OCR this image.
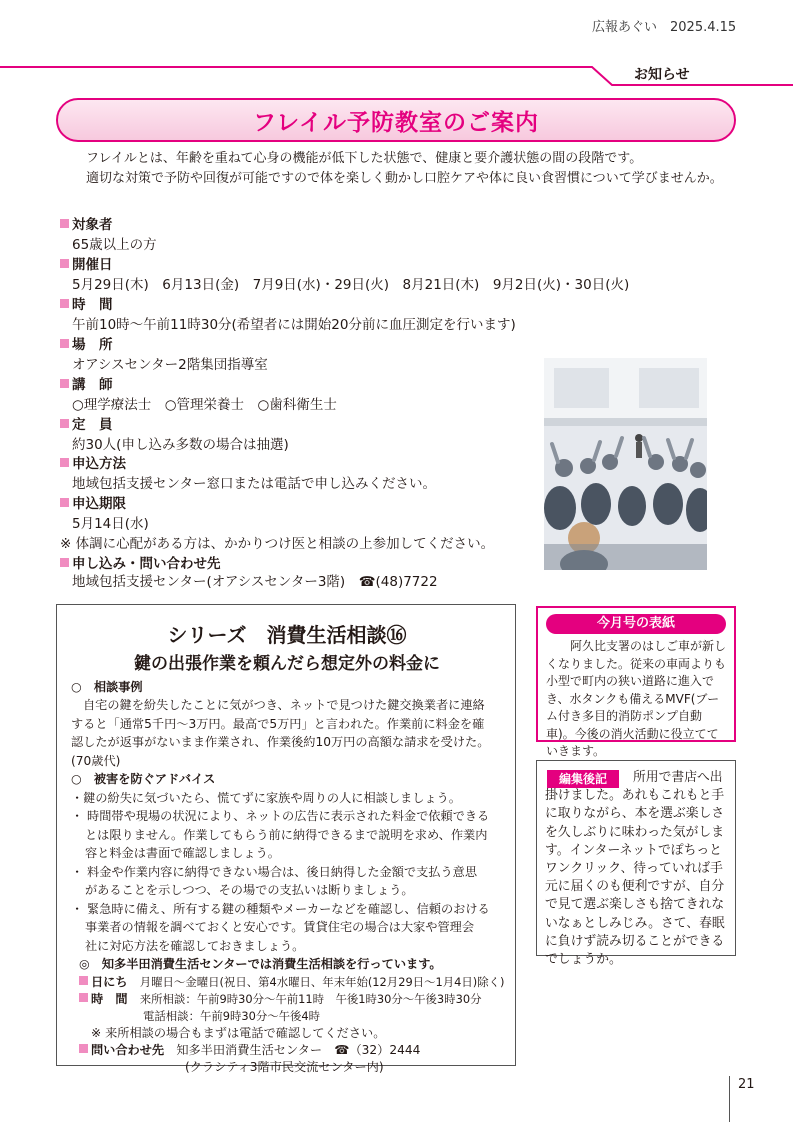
広報あぐい　2025.4.15
お知らせ
フレイル予防教室のご案内
フレイルとは、年齢を重ねて心身の機能が低下した状態で、健康と要介護状態の間の段階です。
適切な対策で予防や回復が可能ですので体を楽しく動かし口腔ケアや体に良い食習慣について学びませんか。
対象者
65歳以上の方
開催日
5月29日(木)　6月13日(金)　7月9日(水)・29日(火)　8月21日(木)　9月2日(火)・30日(火)
時　間
午前10時～午前11時30分(希望者には開始20分前に血圧測定を行います)
場　所
オアシスセンター2階集団指導室
講　師
○理学療法士　○管理栄養士　○歯科衛生士
定　員
約30人(申し込み多数の場合は抽選)
申込方法
地域包括支援センター窓口または電話で申し込みください。
申込期限
5月14日(水)
※ 体調に心配がある方は、かかりつけ医と相談の上参加してください。
申し込み・問い合わせ先
地域包括支援センター(オアシスセンター3階)　☎(48)7722
シリーズ　消費生活相談⑯
鍵の出張作業を頼んだら想定外の料金に
○　相談事例
自宅の鍵を紛失したことに気がつき、ネットで見つけた鍵交換業者に連絡
すると「通常5千円～3万円。最高で5万円」と言われた。作業前に料金を確
認したが返事がないまま作業され、作業後約10万円の高額な請求を受けた。
(70歳代)
○　被害を防ぐアドバイス
・鍵の紛失に気づいたら、慌てずに家族や周りの人に相談しましょう。
・ 時間帯や現場の状況により、ネットの広告に表示された料金で依頼できる
とは限りません。作業してもらう前に納得できるまで説明を求め、作業内
容と料金は書面で確認しましょう。
・ 料金や作業内容に納得できない場合は、後日納得した金額で支払う意思
があることを示しつつ、その場での支払いは断りましょう。
・ 緊急時に備え、所有する鍵の種類やメーカーなどを確認し、信頼のおける
事業者の情報を調べておくと安心です。賃貸住宅の場合は大家や管理会
社に対応方法を確認しておきましょう。
◎　知多半田消費生活センターでは消費生活相談を行っています。
日にち　 月曜日～金曜日(祝日、第4水曜日、年末年始(12月29日～1月4日)除く)
時　間　 来所相談：午前9時30分～午前11時　午後1時30分～午後3時30分
電話相談：午前9時30分～午後4時
※ 来所相談の場合もまずは電話で確認してください。
問い合わせ先　 知多半田消費生活センター　☎（32）2444
(クラシティ3階市民交流センター内)
今月号の表紙
阿久比支署のはしご車が新しくなりました。従来の車両よりも小型で町内の狭い道路に進入でき、水タンクも備えるMVF(ブーム付き多目的消防ポンプ自動車)。今後の消火活動に役立てていきます。
所用で書店へ出掛けました。あれもこれもと手に取りながら、本を選ぶ楽しさを久しぶりに味わった気がします。インターネットでぽちっとワンクリック、待っていれば手元に届くのも便利ですが、自分で見て選ぶ楽しさも捨てきれないなぁとしみじみ。さて、春眠に負けず読み切ることができるでしょうか。
編集後記
21
